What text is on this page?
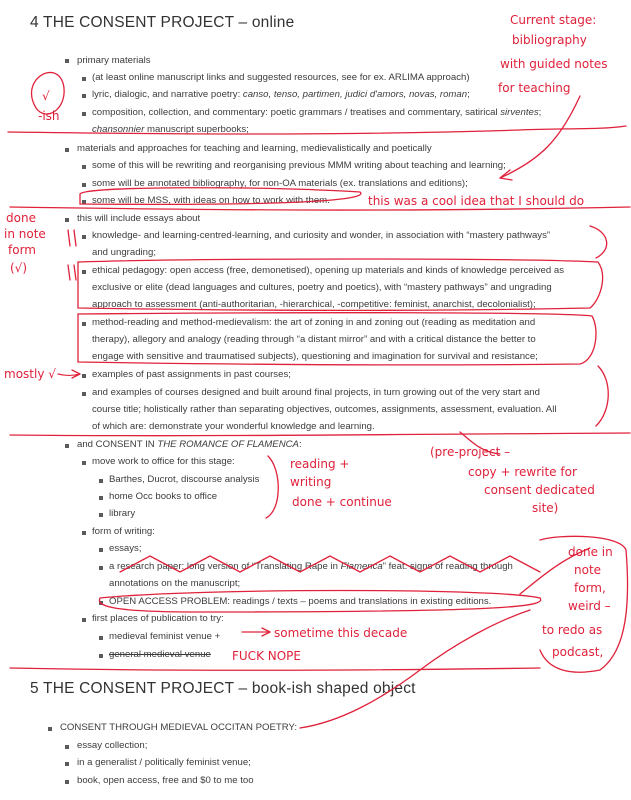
4 THE CONSENT PROJECT – online
primary materials
(at least online manuscript links and suggested resources, see for ex. ARLIMA approach)
lyric, dialogic, and narrative poetry: canso, tenso, partimen, judici d'amors, novas, roman;
composition, collection, and commentary: poetic grammars / treatises and commentary, satirical sirventes;
chansonnier manuscript superbooks;
materials and approaches for teaching and learning, medievalistically and poetically
some of this will be rewriting and reorganising previous MMM writing about teaching and learning;
some will be annotated bibliography, for non-OA materials (ex. translations and editions);
some will be MSS, with ideas on how to work with them.
this will include essays about
knowledge- and learning-centred-learning, and curiosity and wonder, in association with “mastery pathways”
and ungrading;
ethical pedagogy: open access (free, demonetised), opening up materials and kinds of knowledge perceived as
exclusive or elite (dead languages and cultures, poetry and poetics), with “mastery pathways” and ungrading
approach to assessment (anti-authoritarian, -hierarchical, -competitive: feminist, anarchist, decolonialist);
method-reading and method-medievalism: the art of zoning in and zoning out (reading as meditation and
therapy), allegory and analogy (reading through “a distant mirror” and with a critical distance the better to
engage with sensitive and traumatised subjects), questioning and imagination for survival and resistance;
examples of past assignments in past courses;
and examples of courses designed and built around final projects, in turn growing out of the very start and
course title; holistically rather than separating objectives, outcomes, assignments, assessment, evaluation. All
of which are: demonstrate your wonderful knowledge and learning.
and CONSENT IN THE ROMANCE OF FLAMENCA:
move work to office for this stage:
Barthes, Ducrot, discourse analysis
home Occ books to office
library
form of writing:
essays;
a research paper: long version of “Translating Rape in Flamenca” feat. signs of reading through
annotations on the manuscript;
OPEN ACCESS PROBLEM: readings / texts – poems and translations in existing editions.
first places of publication to try:
medieval feminist venue +
general medieval venue
5 THE CONSENT PROJECT – book-ish shaped object
CONSENT THROUGH MEDIEVAL OCCITAN POETRY:
essay collection;
in a generalist / politically feminist venue;
book, open access, free and $0 to me too
Current stage:
bibliography
with guided notes
for teaching
√
-ish
this was a cool idea that I should do
done
in note
form
(√)
mostly √
(pre-project –
copy + rewrite for
consent dedicated
site)
reading +
writing
done + continue
done in
note
form,
weird –
to redo as
podcast,
sometime this decade
FUCK NOPE
